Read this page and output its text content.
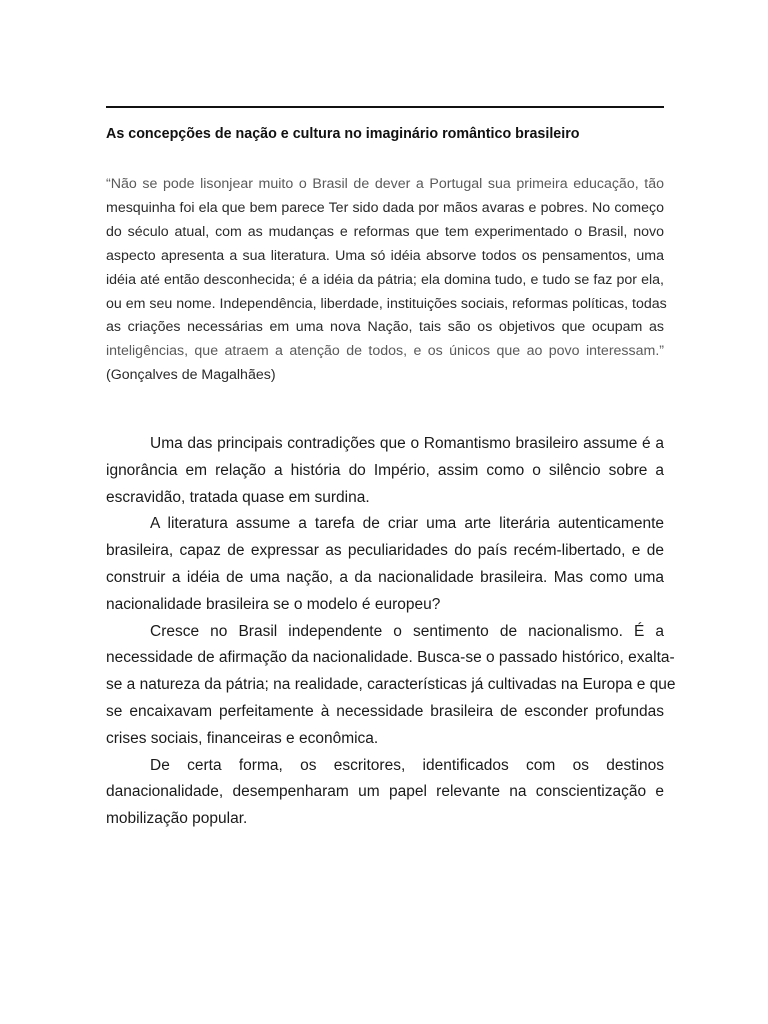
As concepções de nação e cultura no imaginário romântico brasileiro
“Não se pode lisonjear muito o Brasil de dever a Portugal sua primeira educação, tão
mesquinha foi ela que bem parece Ter sido dada por mãos avaras e pobres. No começo
do século atual, com as mudanças e reformas que tem experimentado o Brasil, novo
aspecto apresenta a sua literatura. Uma só idéia absorve todos os pensamentos, uma
idéia até então desconhecida; é a idéia da pátria; ela domina tudo, e tudo se faz por ela,
ou em seu nome. Independência, liberdade, instituições sociais, reformas políticas, todas
as criações necessárias em uma nova Nação, tais são os objetivos que ocupam as
inteligências, que atraem a atenção de todos, e os únicos que ao povo interessam.”
(Gonçalves de Magalhães)
Uma das principais contradições que o Romantismo brasileiro assume é a
ignorância em relação a história do Império, assim como o silêncio sobre a
escravidão, tratada quase em surdina.
A literatura assume a tarefa de criar uma arte literária autenticamente
brasileira, capaz de expressar as peculiaridades do país recém-libertado, e de
construir a idéia de uma nação, a da nacionalidade brasileira. Mas como uma
nacionalidade brasileira se o modelo é europeu?
Cresce no Brasil independente o sentimento de nacionalismo. É a
necessidade de afirmação da nacionalidade. Busca-se o passado histórico, exalta-
se a natureza da pátria; na realidade, características já cultivadas na Europa e que
se encaixavam perfeitamente à necessidade brasileira de esconder profundas
crises sociais, financeiras e econômica.
De certa forma, os escritores, identificados com os destinos
danacionalidade, desempenharam um papel relevante na conscientização e
mobilização popular.
